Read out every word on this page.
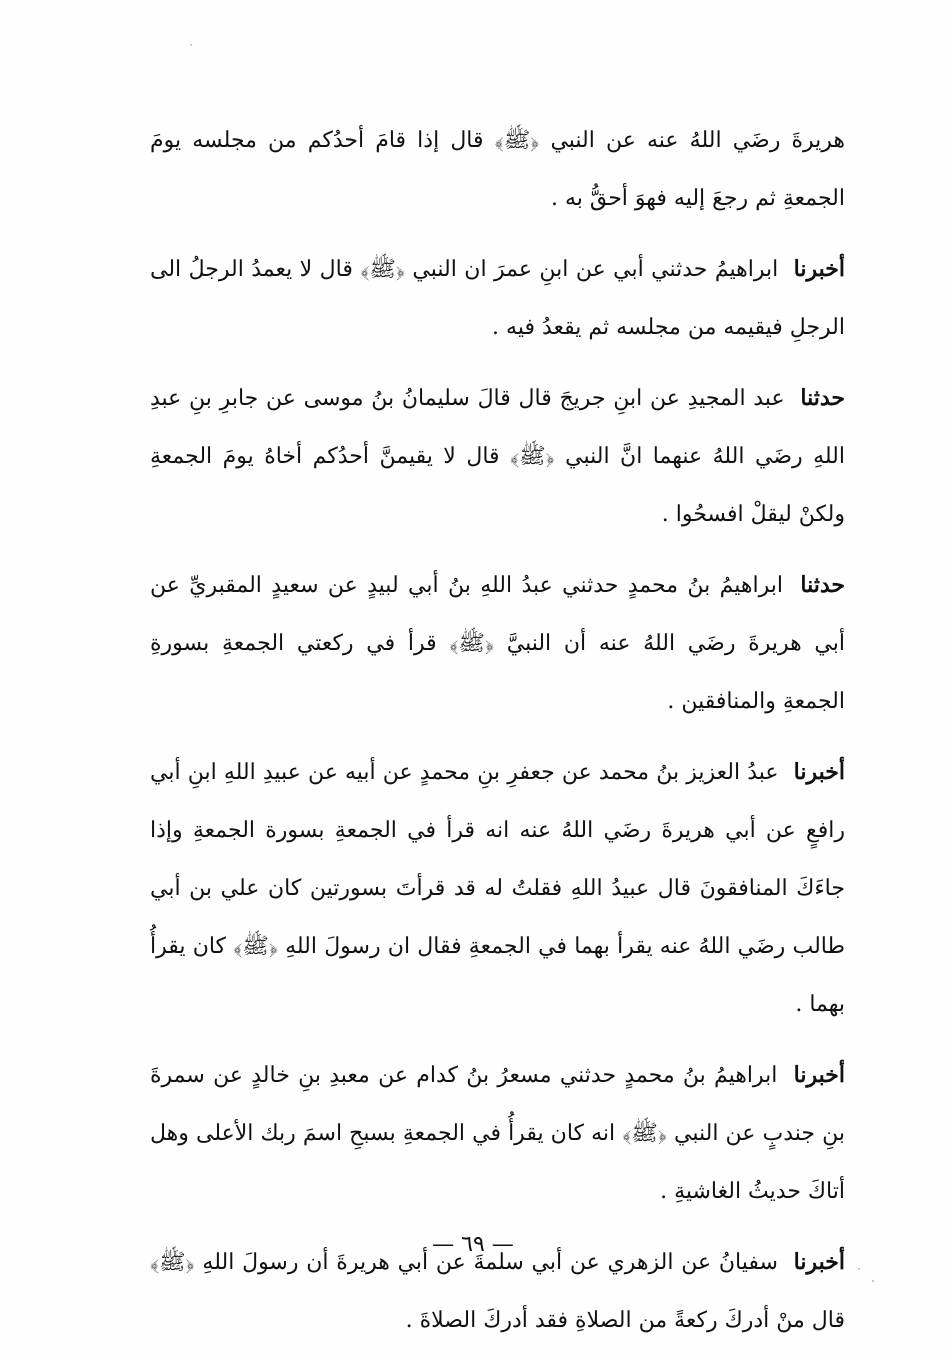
هريرةَ رضَي اللهُ عنه عن النبي ﴿ﷺ﴾ قال إذا قامَ أحدُكم من مجلسه يومَ الجمعةِ ثم رجعَ إليه فهوَ أحقُّ به .

أخبرنا ابراهيمُ حدثني أبي عن ابنِ عمرَ ان النبي ﴿ﷺ﴾ قال لا يعمدُ الرجلُ الى الرجلِ فيقيمه من مجلسه ثم يقعدُ فيه .

حدثنا عبد المجيدِ عن ابنِ جريجَ قال قالَ سليمانُ بنُ موسى عن جابرِ بنِ عبدِ اللهِ رضَي اللهُ عنهما انَّ النبي ﴿ﷺ﴾ قال لا يقيمنَّ أحدُكم أخاهُ يومَ الجمعةِ ولكنْ ليقلْ افسحُوا .

حدثنا ابراهيمُ بنُ محمدٍ حدثني عبدُ اللهِ بنُ أبي لبيدٍ عن سعيدٍ المقبريِّ عن أبي هريرةَ رضَي اللهُ عنه أن النبيَّ ﴿ﷺ﴾ قرأ في ركعتي الجمعةِ بسورةِ الجمعةِ والمنافقين .

أخبرنا عبدُ العزيز بنُ محمد عن جعفرِ بنِ محمدٍ عن أبيه عن عبيدِ اللهِ ابنِ أبي رافعٍ عن أبي هريرةَ رضَي اللهُ عنه انه قرأ في الجمعةِ بسورة الجمعةِ وإذا جاءَكَ المنافقونَ قال عبيدُ اللهِ فقلتُ له قد قرأتَ بسورتين كان علي بن أبي طالب رضَي اللهُ عنه يقرأ بهما في الجمعةِ فقال ان رسولَ اللهِ ﴿ﷺ﴾ كان يقرأُ بهما .

أخبرنا ابراهيمُ بنُ محمدٍ حدثني مسعرُ بنُ كدام عن معبدِ بنِ خالدٍ عن سمرةَ بنِ جندبٍ عن النبي ﴿ﷺ﴾ انه كان يقرأُ في الجمعةِ بسبحِ اسمَ ربك الأعلى وهل أتاكَ حديثُ الغاشيةِ .

أخبرنا سفيانُ عن الزهري عن أبي سلمةَ عن أبي هريرةَ أن رسولَ اللهِ ﴿ﷺ﴾ قال منْ أدركَ ركعةً من الصلاةِ فقد أدركَ الصلاةَ .

— ٦٩ —
